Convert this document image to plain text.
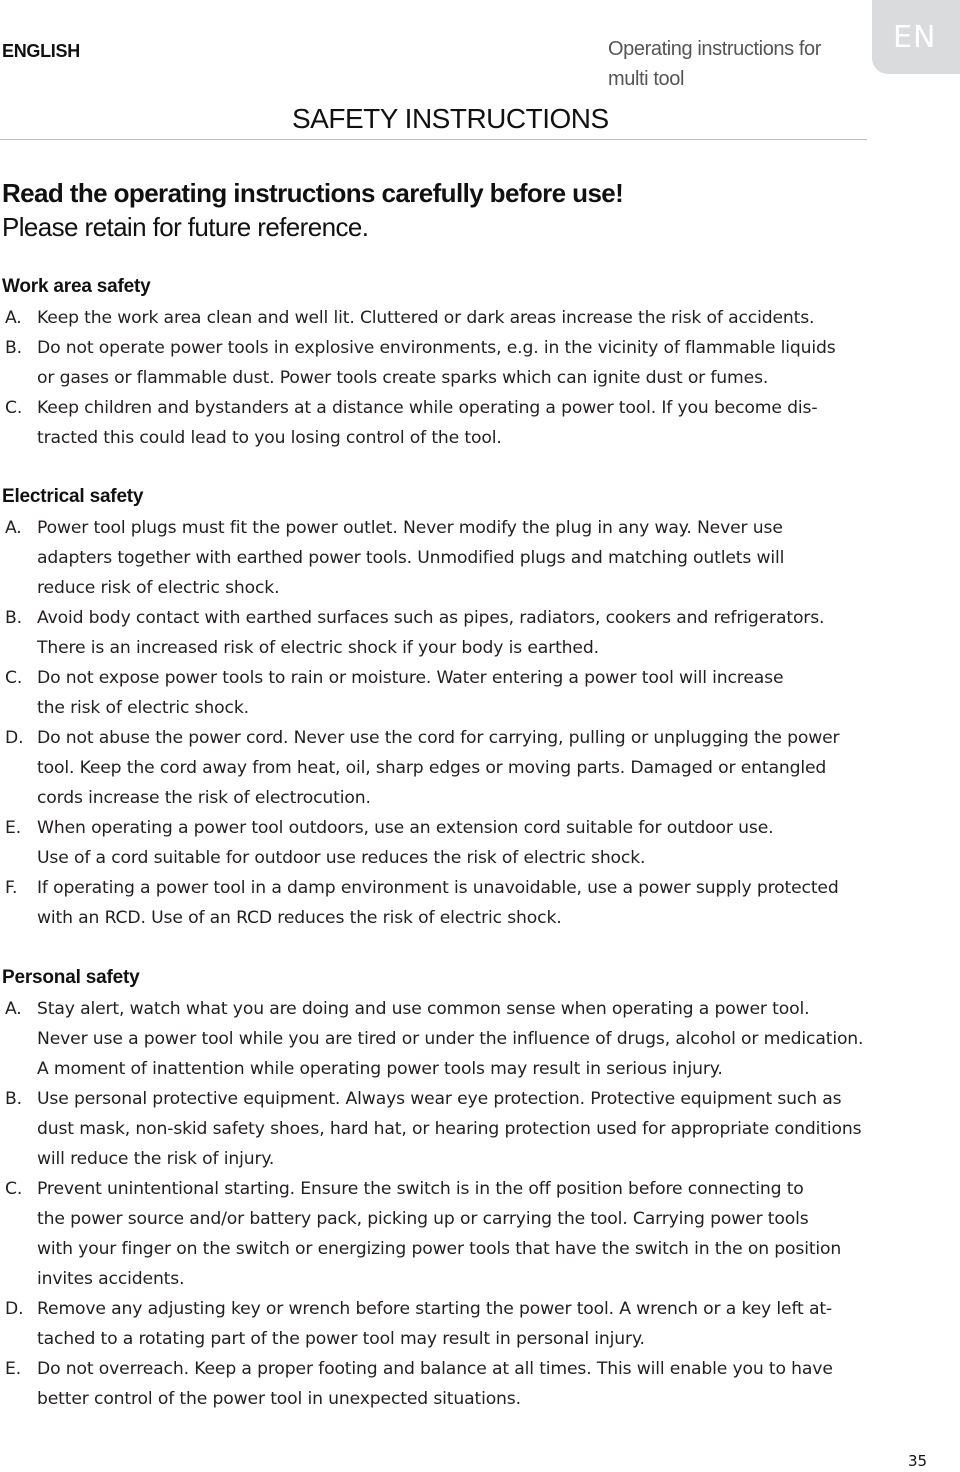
ENGLISH	Operating instructions for multi tool
EN
SAFETY INSTRUCTIONS
Read the operating instructions carefully before use!
Please retain for future reference.
Work area safety
A. Keep the work area clean and well lit. Cluttered or dark areas increase the risk of accidents.
B. Do not operate power tools in explosive environments, e.g. in the vicinity of flammable liquids
or gases or flammable dust. Power tools create sparks which can ignite dust or fumes.
C. Keep children and bystanders at a distance while operating a power tool. If you become dis-
tracted this could lead to you losing control of the tool.
Electrical safety
A. Power tool plugs must fit the power outlet. Never modify the plug in any way. Never use
adapters together with earthed power tools. Unmodified plugs and matching outlets will
reduce risk of electric shock.
B. Avoid body contact with earthed surfaces such as pipes, radiators, cookers and refrigerators.
There is an increased risk of electric shock if your body is earthed.
C. Do not expose power tools to rain or moisture. Water entering a power tool will increase
the risk of electric shock.
D. Do not abuse the power cord. Never use the cord for carrying, pulling or unplugging the power
tool. Keep the cord away from heat, oil, sharp edges or moving parts. Damaged or entangled
cords increase the risk of electrocution.
E. When operating a power tool outdoors, use an extension cord suitable for outdoor use.
Use of a cord suitable for outdoor use reduces the risk of electric shock.
F. If operating a power tool in a damp environment is unavoidable, use a power supply protected
with an RCD. Use of an RCD reduces the risk of electric shock.
Personal safety
A. Stay alert, watch what you are doing and use common sense when operating a power tool.
Never use a power tool while you are tired or under the influence of drugs, alcohol or medication.
A moment of inattention while operating power tools may result in serious injury.
B. Use personal protective equipment. Always wear eye protection. Protective equipment such as
dust mask, non-skid safety shoes, hard hat, or hearing protection used for appropriate conditions
will reduce the risk of injury.
C. Prevent unintentional starting. Ensure the switch is in the off position before connecting to
the power source and/or battery pack, picking up or carrying the tool. Carrying power tools
with your finger on the switch or energizing power tools that have the switch in the on position
invites accidents.
D. Remove any adjusting key or wrench before starting the power tool. A wrench or a key left at-
tached to a rotating part of the power tool may result in personal injury.
E. Do not overreach. Keep a proper footing and balance at all times. This will enable you to have
better control of the power tool in unexpected situations.
35
